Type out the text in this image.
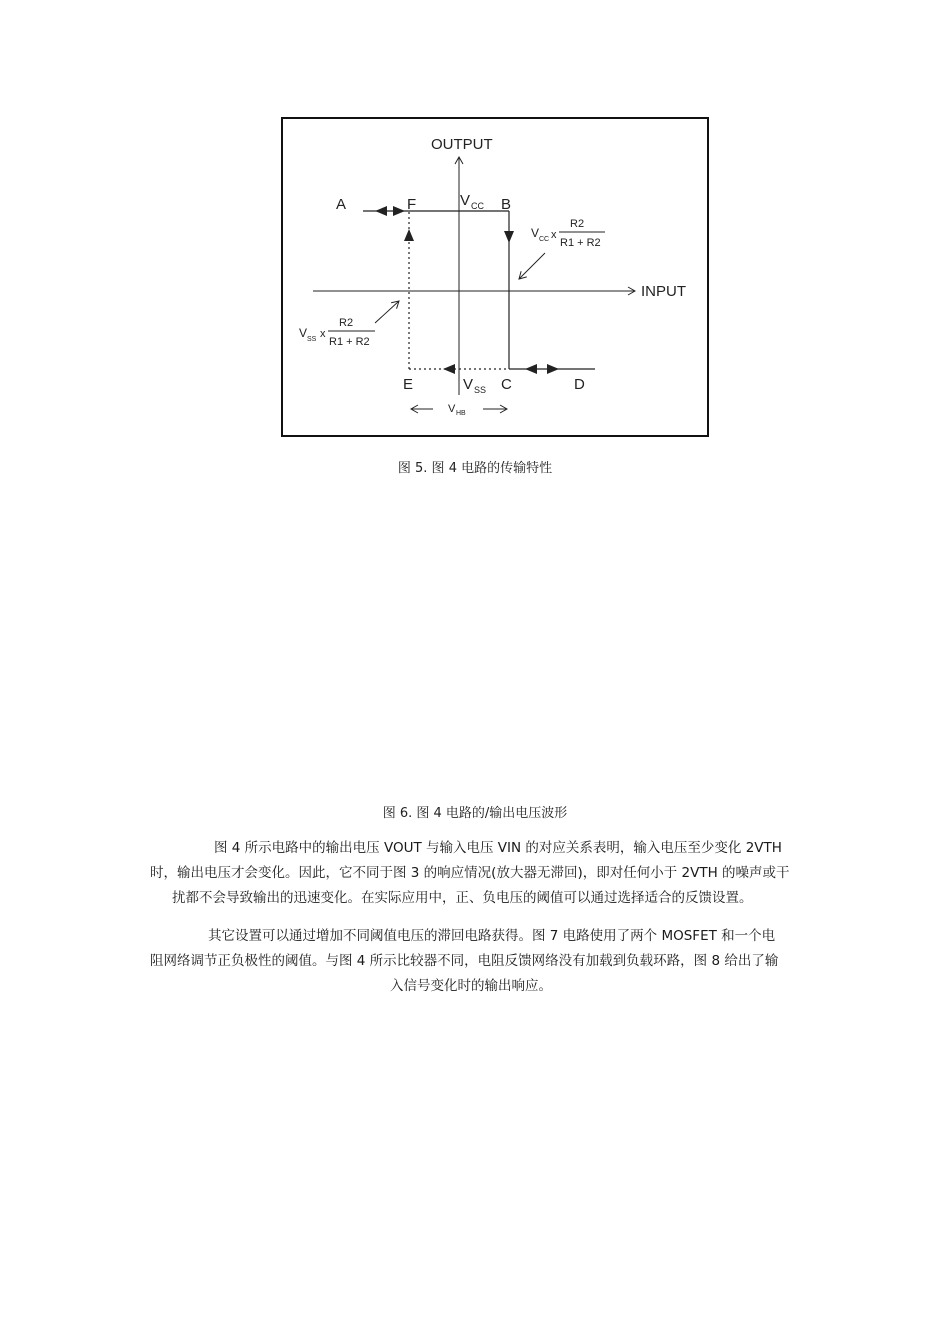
OUTPUT
INPUT
A	F	B
C	D
E
V CC
V SS
V HB
V CC x
R2
R1 + R2
V SS x
R2
R1 + R2
图 5. 图 4 电路的传输特性
图 6. 图 4 电路的/输出电压波形
图 4 所示电路中的输出电压 VOUT 与输入电压 VIN 的对应关系表明，输入电压至少变化 2VTH
时，输出电压才会变化。因此，它不同于图 3 的响应情况(放大器无滞回)，即对任何小于 2VTH 的噪声或干
扰都不会导致输出的迅速变化。在实际应用中，正、负电压的阈值可以通过选择适合的反馈设置。
其它设置可以通过增加不同阈值电压的滞回电路获得。图 7 电路使用了两个 MOSFET 和一个电
阻网络调节正负极性的阈值。与图 4 所示比较器不同，电阻反馈网络没有加载到负载环路，图 8 给出了输
入信号变化时的输出响应。
